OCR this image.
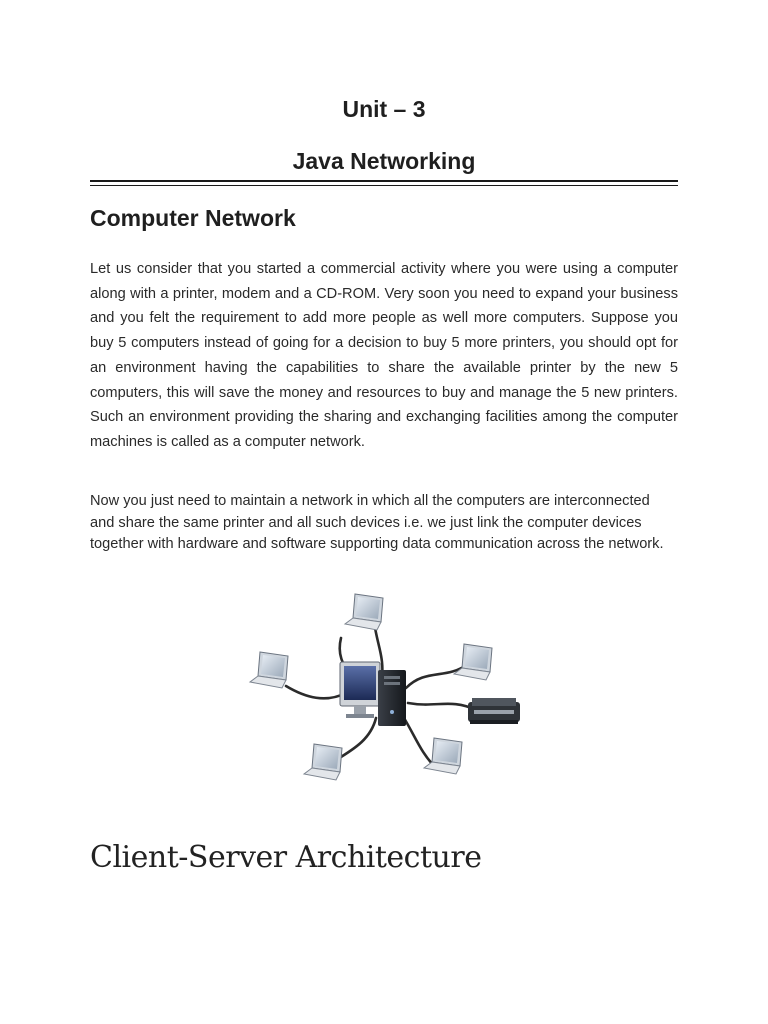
Unit – 3
Java Networking
Computer Network

Let us consider that you started a commercial activity where you were using a computer along with a printer, modem and a CD-ROM. Very soon you need to expand your business and you felt the requirement to add more people as well more computers. Suppose you buy 5 computers instead of going for a decision to buy 5 more printers, you should opt for an environment having the capabilities to share the available printer by the new 5 computers, this will save the money and resources to buy and manage the 5 new printers. Such an environment providing the sharing and exchanging facilities among the computer machines is called as a computer network.

Now you just need to maintain a network in which all the computers are interconnected and share the same printer and all such devices i.e. we just link the computer devices together with hardware and software supporting data communication across the network.

Client-Server Architecture
